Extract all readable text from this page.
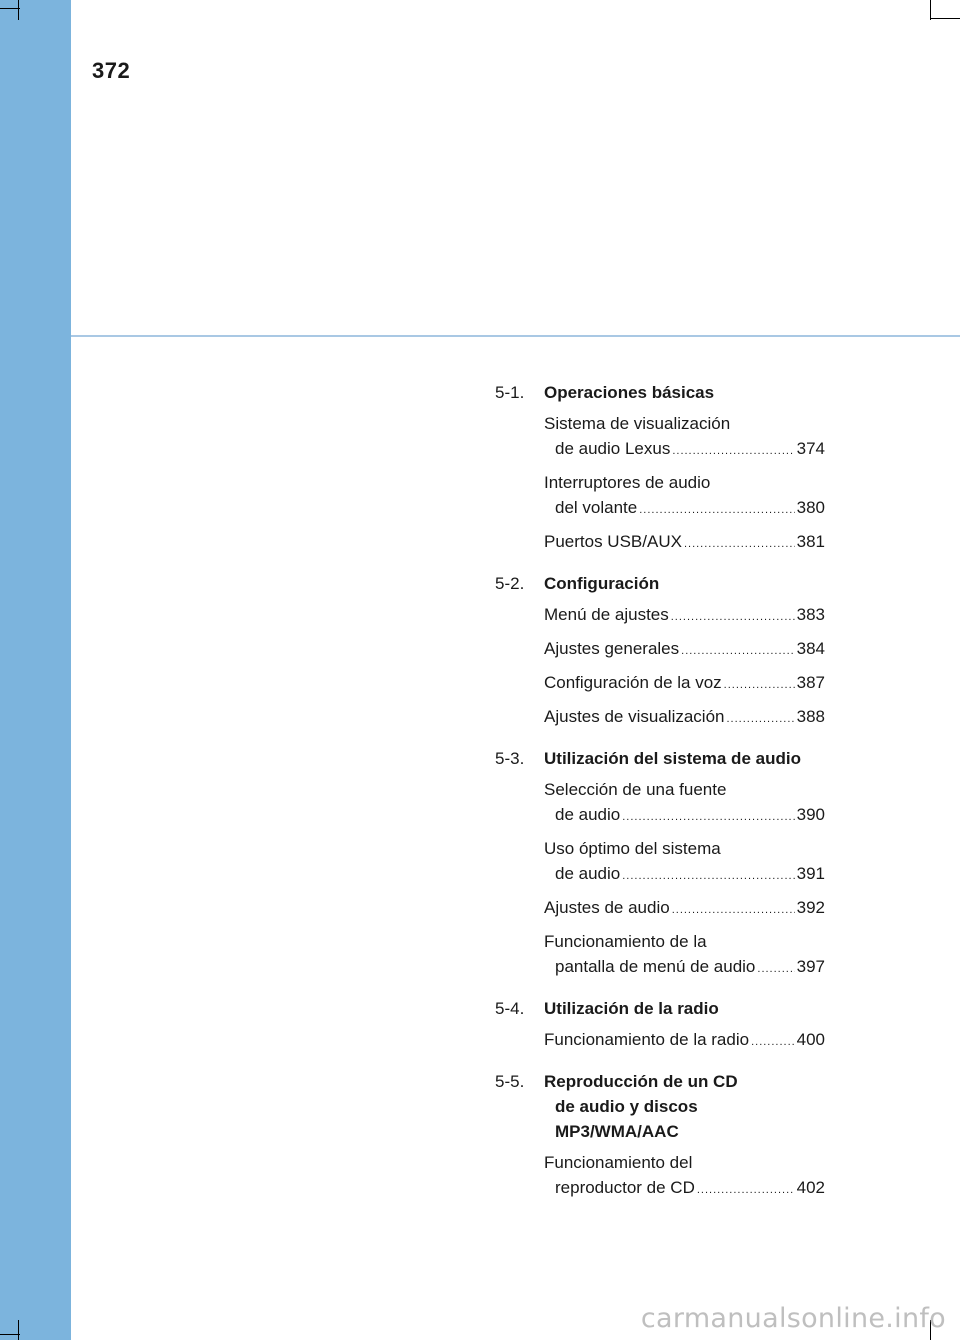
372
5-1. Operaciones básicas
Sistema de visualización
de audio Lexus .....	374
Interruptores de audio
del volante .....	380
Puertos USB/AUX .....	381
5-2. Configuración
Menú de ajustes .....	383
Ajustes generales .....	384
Configuración de la voz .....	387
Ajustes de visualización .....	388
5-3. Utilización del sistema de audio
Selección de una fuente
de audio .....	390
Uso óptimo del sistema
de audio .....	391
Ajustes de audio .....	392
Funcionamiento de la
pantalla de menú de audio ..... 397
5-4. Utilización de la radio
Funcionamiento de la radio .....	400
5-5. Reproducción de un CD
de audio y discos
MP3/WMA/AAC
Funcionamiento del
reproductor de CD .....	402
carmanualsonline.info
